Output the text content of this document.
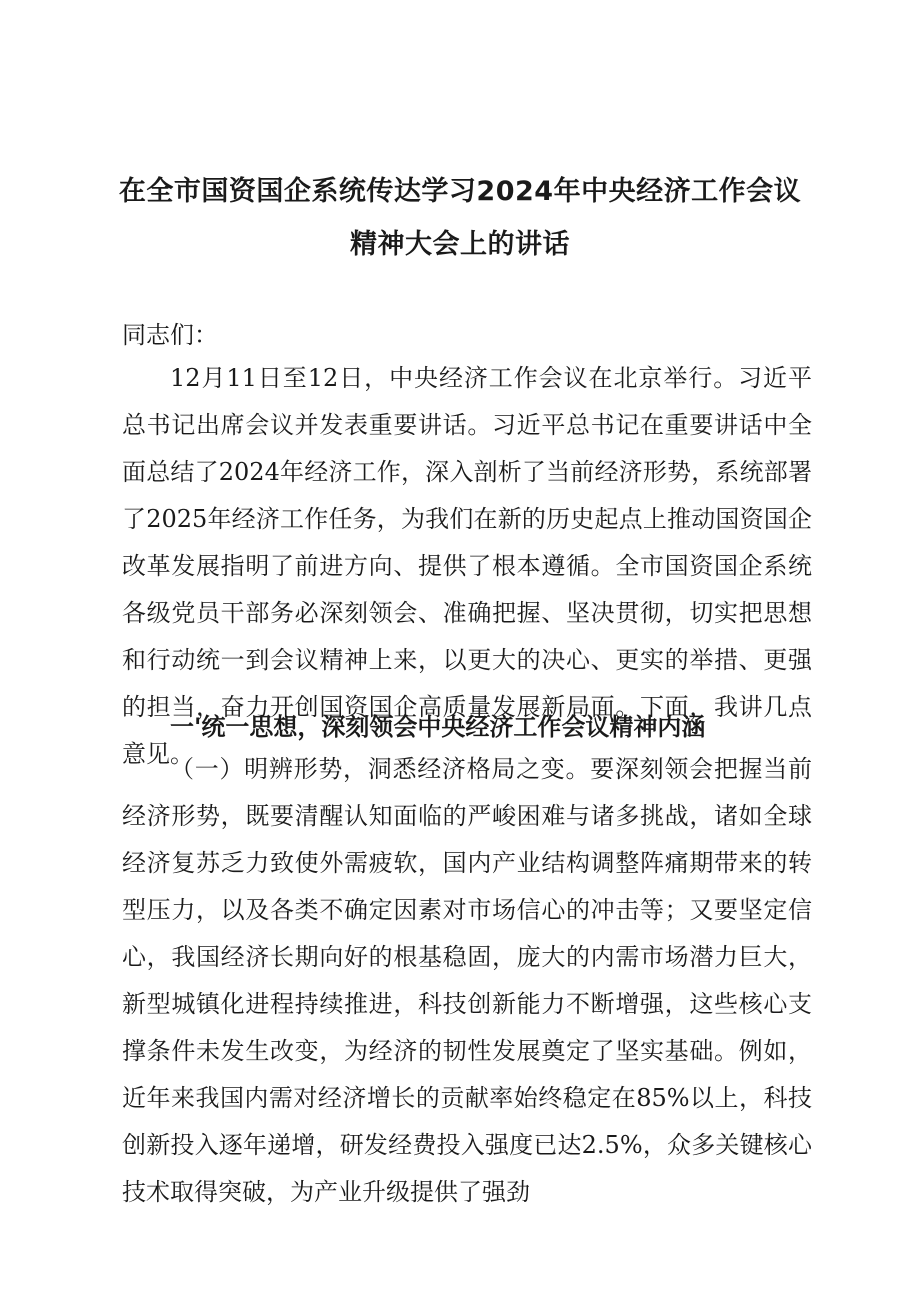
在全市国资国企系统传达学习2024年中央经济工作会议
精神大会上的讲话

同志们：

12月11日至12日，中央经济工作会议在北京举行。习近平总书记出席会议并发表重要讲话。习近平总书记在重要讲话中全面总结了2024年经济工作，深入剖析了当前经济形势，系统部署了2025年经济工作任务，为我们在新的历史起点上推动国资国企改革发展指明了前进方向、提供了根本遵循。全市国资国企系统各级党员干部务必深刻领会、准确把握、坚决贯彻，切实把思想和行动统一到会议精神上来，以更大的决心、更实的举措、更强的担当，奋力开创国资国企高质量发展新局面。下面，我讲几点意见。

一'统一思想，深刻领会中央经济工作会议精神内涵

（一）明辨形势，洞悉经济格局之变。要深刻领会把握当前经济形势，既要清醒认知面临的严峻困难与诸多挑战，诸如全球经济复苏乏力致使外需疲软，国内产业结构调整阵痛期带来的转型压力，以及各类不确定因素对市场信心的冲击等；又要坚定信心，我国经济长期向好的根基稳固，庞大的内需市场潜力巨大，新型城镇化进程持续推进，科技创新能力不断增强，这些核心支撑条件未发生改变，为经济的韧性发展奠定了坚实基础。例如，近年来我国内需对经济增长的贡献率始终稳定在85%以上，科技创新投入逐年递增，研发经费投入强度已达2.5%，众多关键核心技术取得突破，为产业升级提供了强劲
